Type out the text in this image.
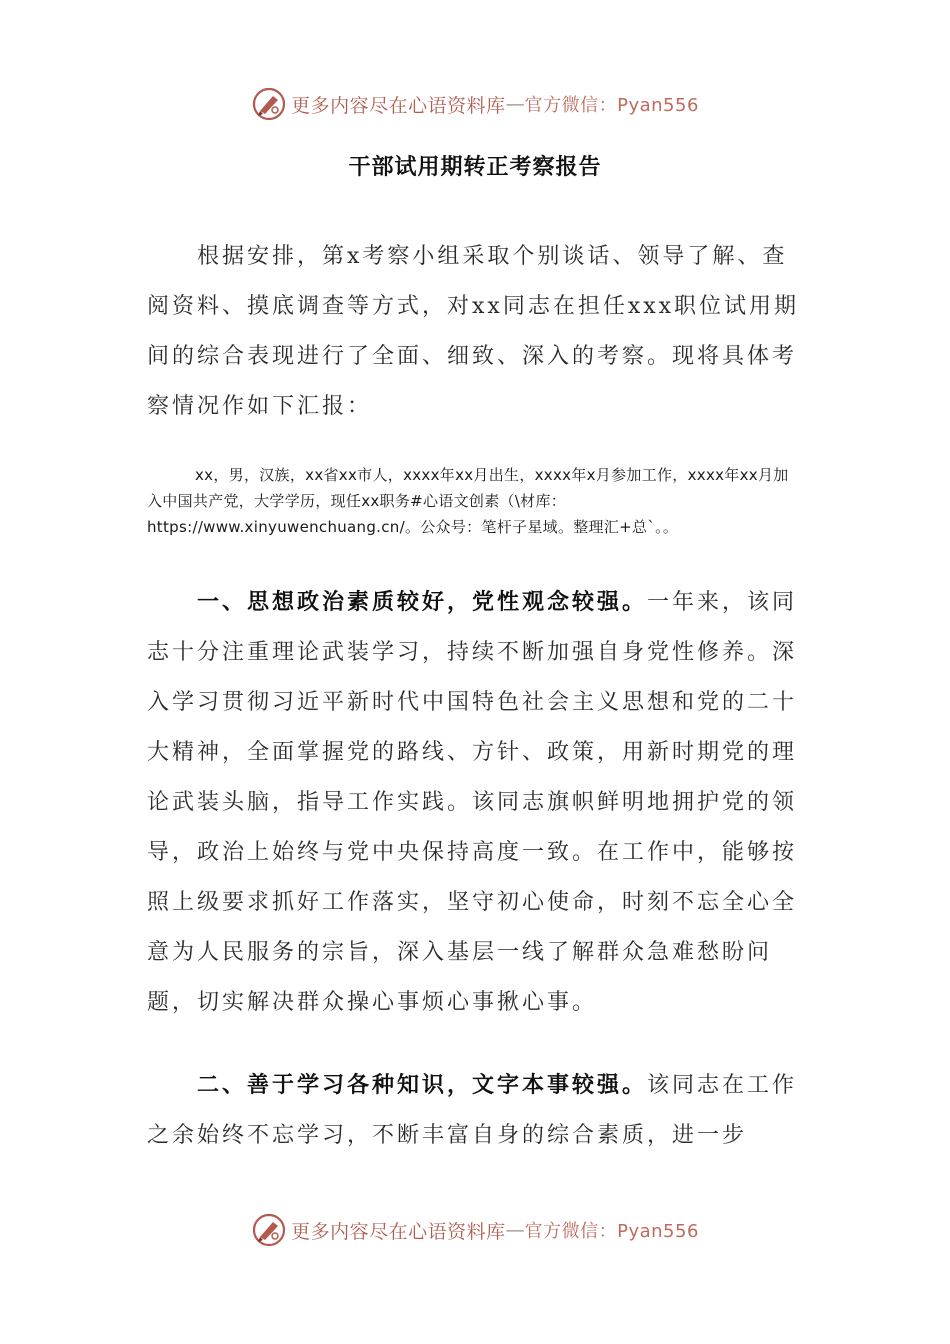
更多内容尽在心语资料库 — 官方微信：Pyan556
干部试用期转正考察报告

根据安排，第x考察小组采取个别谈话、领导了解、查阅资料、摸底调查等方式，对xx同志在担任xxx职位试用期间的综合表现进行了全面、细致、深入的考察。现将具体考察情况作如下汇报：

xx，男，汉族，xx省xx市人，xxxx年xx月出生，xxxx年x月参加工作，xxxx年xx月加入中国共产党，大学学历，现任xx职务#心语文创素（\材库：https://www.xinyuwenchuang.cn/。公众号：笔杆子星域。整理汇+总`。。

一、思想政治素质较好，党性观念较强。一年来，该同志十分注重理论武装学习，持续不断加强自身党性修养。深入学习贯彻习近平新时代中国特色社会主义思想和党的二十大精神，全面掌握党的路线、方针、政策，用新时期党的理论武装头脑，指导工作实践。该同志旗帜鲜明地拥护党的领导，政治上始终与党中央保持高度一致。在工作中，能够按照上级要求抓好工作落实，坚守初心使命，时刻不忘全心全意为人民服务的宗旨，深入基层一线了解群众急难愁盼问题，切实解决群众操心事烦心事揪心事。

二、善于学习各种知识，文字本事较强。该同志在工作之余始终不忘学习，不断丰富自身的综合素质，进一步

更多内容尽在心语资料库 — 官方微信：Pyan556
